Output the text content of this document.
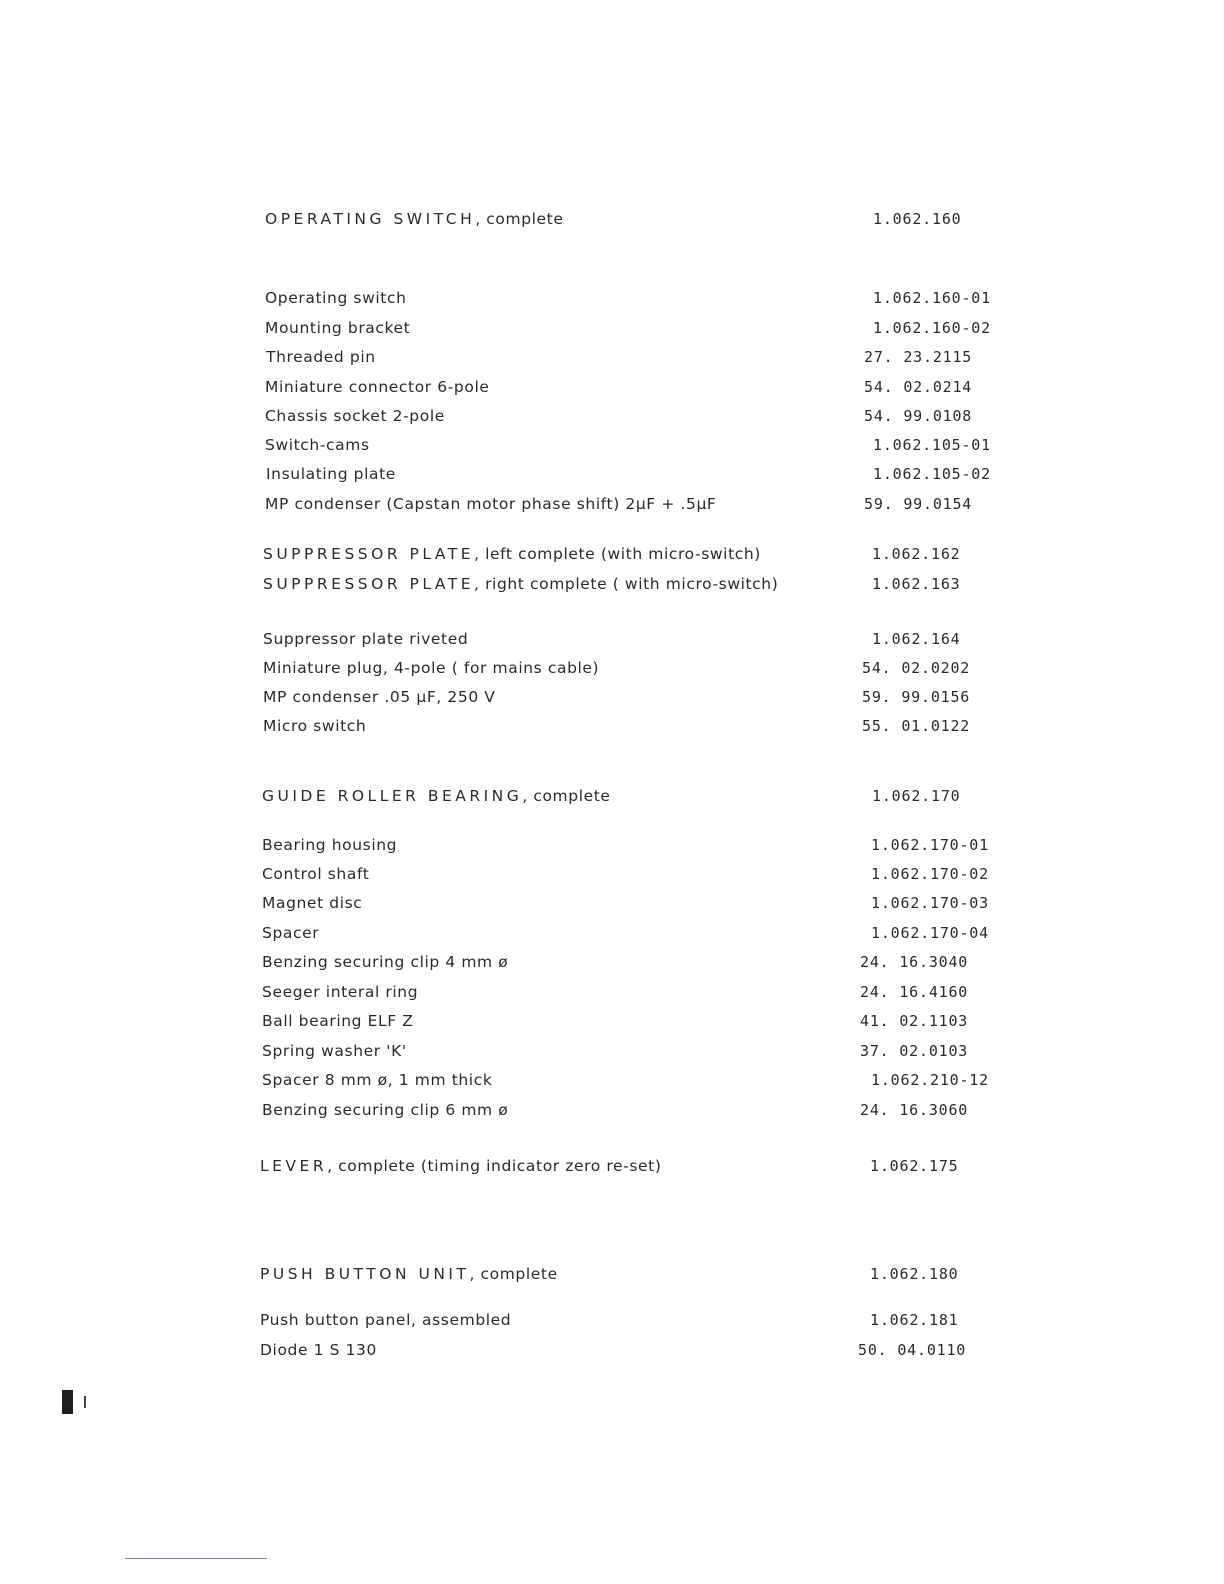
OPERATING SWITCH, complete	1.062.160
Operating switch	1.062.160-01
Mounting bracket	1.062.160-02
Threaded pin	27. 23.2115
Miniature connector 6-pole	54. 02.0214
Chassis socket 2-pole	54. 99.0108
Switch-cams	1.062.105-01
Insulating plate	1.062.105-02
MP condenser (Capstan motor phase shift) 2µF + .5µF	59. 99.0154
SUPPRESSOR PLATE, left complete (with micro-switch)	1.062.162
SUPPRESSOR PLATE, right complete ( with micro-switch)	1.062.163
Suppressor plate riveted	1.062.164
Miniature plug, 4-pole ( for mains cable)	54. 02.0202
MP condenser .05 µF, 250 V	59. 99.0156
Micro switch	55. 01.0122
GUIDE ROLLER BEARING, complete	1.062.170
Bearing housing	1.062.170-01
Control shaft	1.062.170-02
Magnet disc	1.062.170-03
Spacer	1.062.170-04
Benzing securing clip 4 mm ø	24. 16.3040
Seeger interal ring	24. 16.4160
Ball bearing ELF Z	41. 02.1103
Spring washer 'K'	37. 02.0103
Spacer 8 mm ø, 1 mm thick	1.062.210-12
Benzing securing clip 6 mm ø	24. 16.3060
LEVER, complete (timing indicator zero re-set)	1.062.175
PUSH BUTTON UNIT, complete	1.062.180
Push button panel, assembled	1.062.181
Diode 1 S 130	50. 04.0110
